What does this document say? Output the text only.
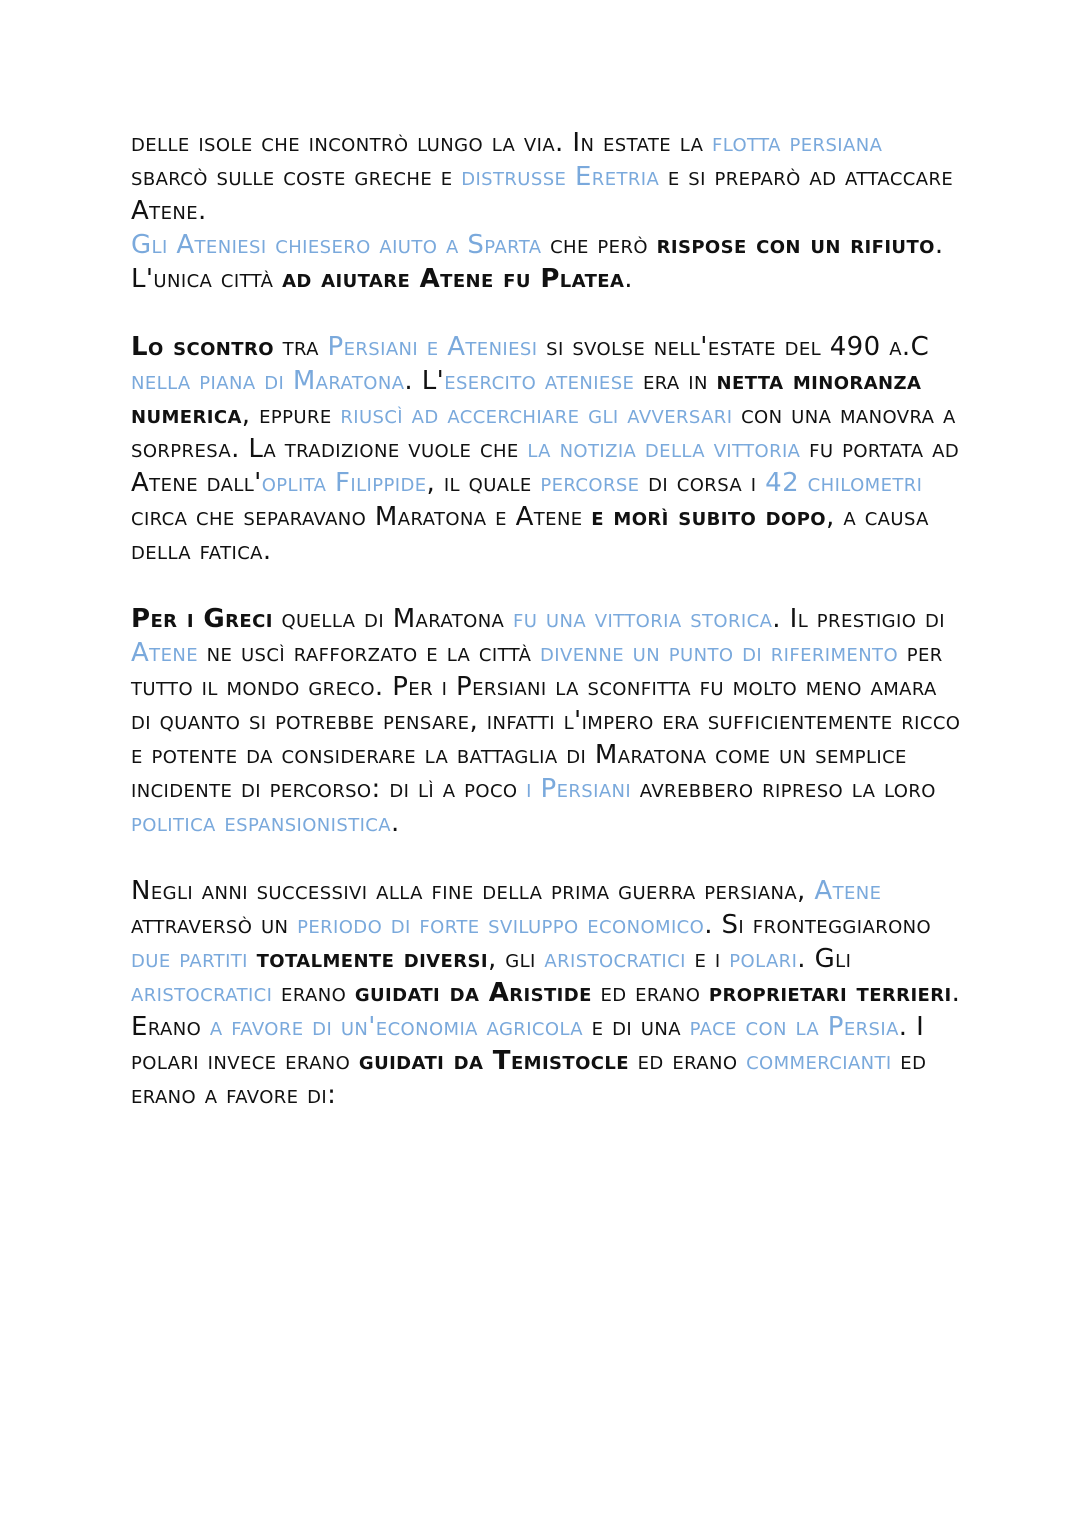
delle isole che incontrò lungo la via. In estate la flotta persiana sbarcò sulle coste greche e distrusse Eretria e si preparò ad attaccare Atene.
Gli Ateniesi chiesero aiuto a Sparta che però rispose con un rifiuto. L'unica città ad aiutare Atene fu Platea.

Lo scontro tra Persiani e Ateniesi si svolse nell'estate del 490 a.C nella piana di Maratona. L'esercito ateniese era in netta minoranza numerica, eppure riuscì ad accerchiare gli avversari con una manovra a sorpresa. La tradizione vuole che la notizia della vittoria fu portata ad Atene dall'oplita Filippide, il quale percorse di corsa i 42 chilometri circa che separavano Maratona e Atene e morì subito dopo, a causa della fatica.

Per i Greci quella di Maratona fu una vittoria storica. Il prestigio di Atene ne uscì rafforzato e la città divenne un punto di riferimento per tutto il mondo greco. Per i Persiani la sconfitta fu molto meno amara di quanto si potrebbe pensare, infatti l'impero era sufficientemente ricco e potente da considerare la battaglia di Maratona come un semplice incidente di percorso: di lì a poco i Persiani avrebbero ripreso la loro politica espansionistica.

Negli anni successivi alla fine della prima guerra persiana, Atene attraversò un periodo di forte sviluppo economico. Si fronteggiarono due partiti totalmente diversi, gli aristocratici e i polari. Gli aristocratici erano guidati da Aristide ed erano proprietari terrieri. Erano a favore di un'economia agricola e di una pace con la Persia. I polari invece erano guidati da Temistocle ed erano commercianti ed erano a favore di:
